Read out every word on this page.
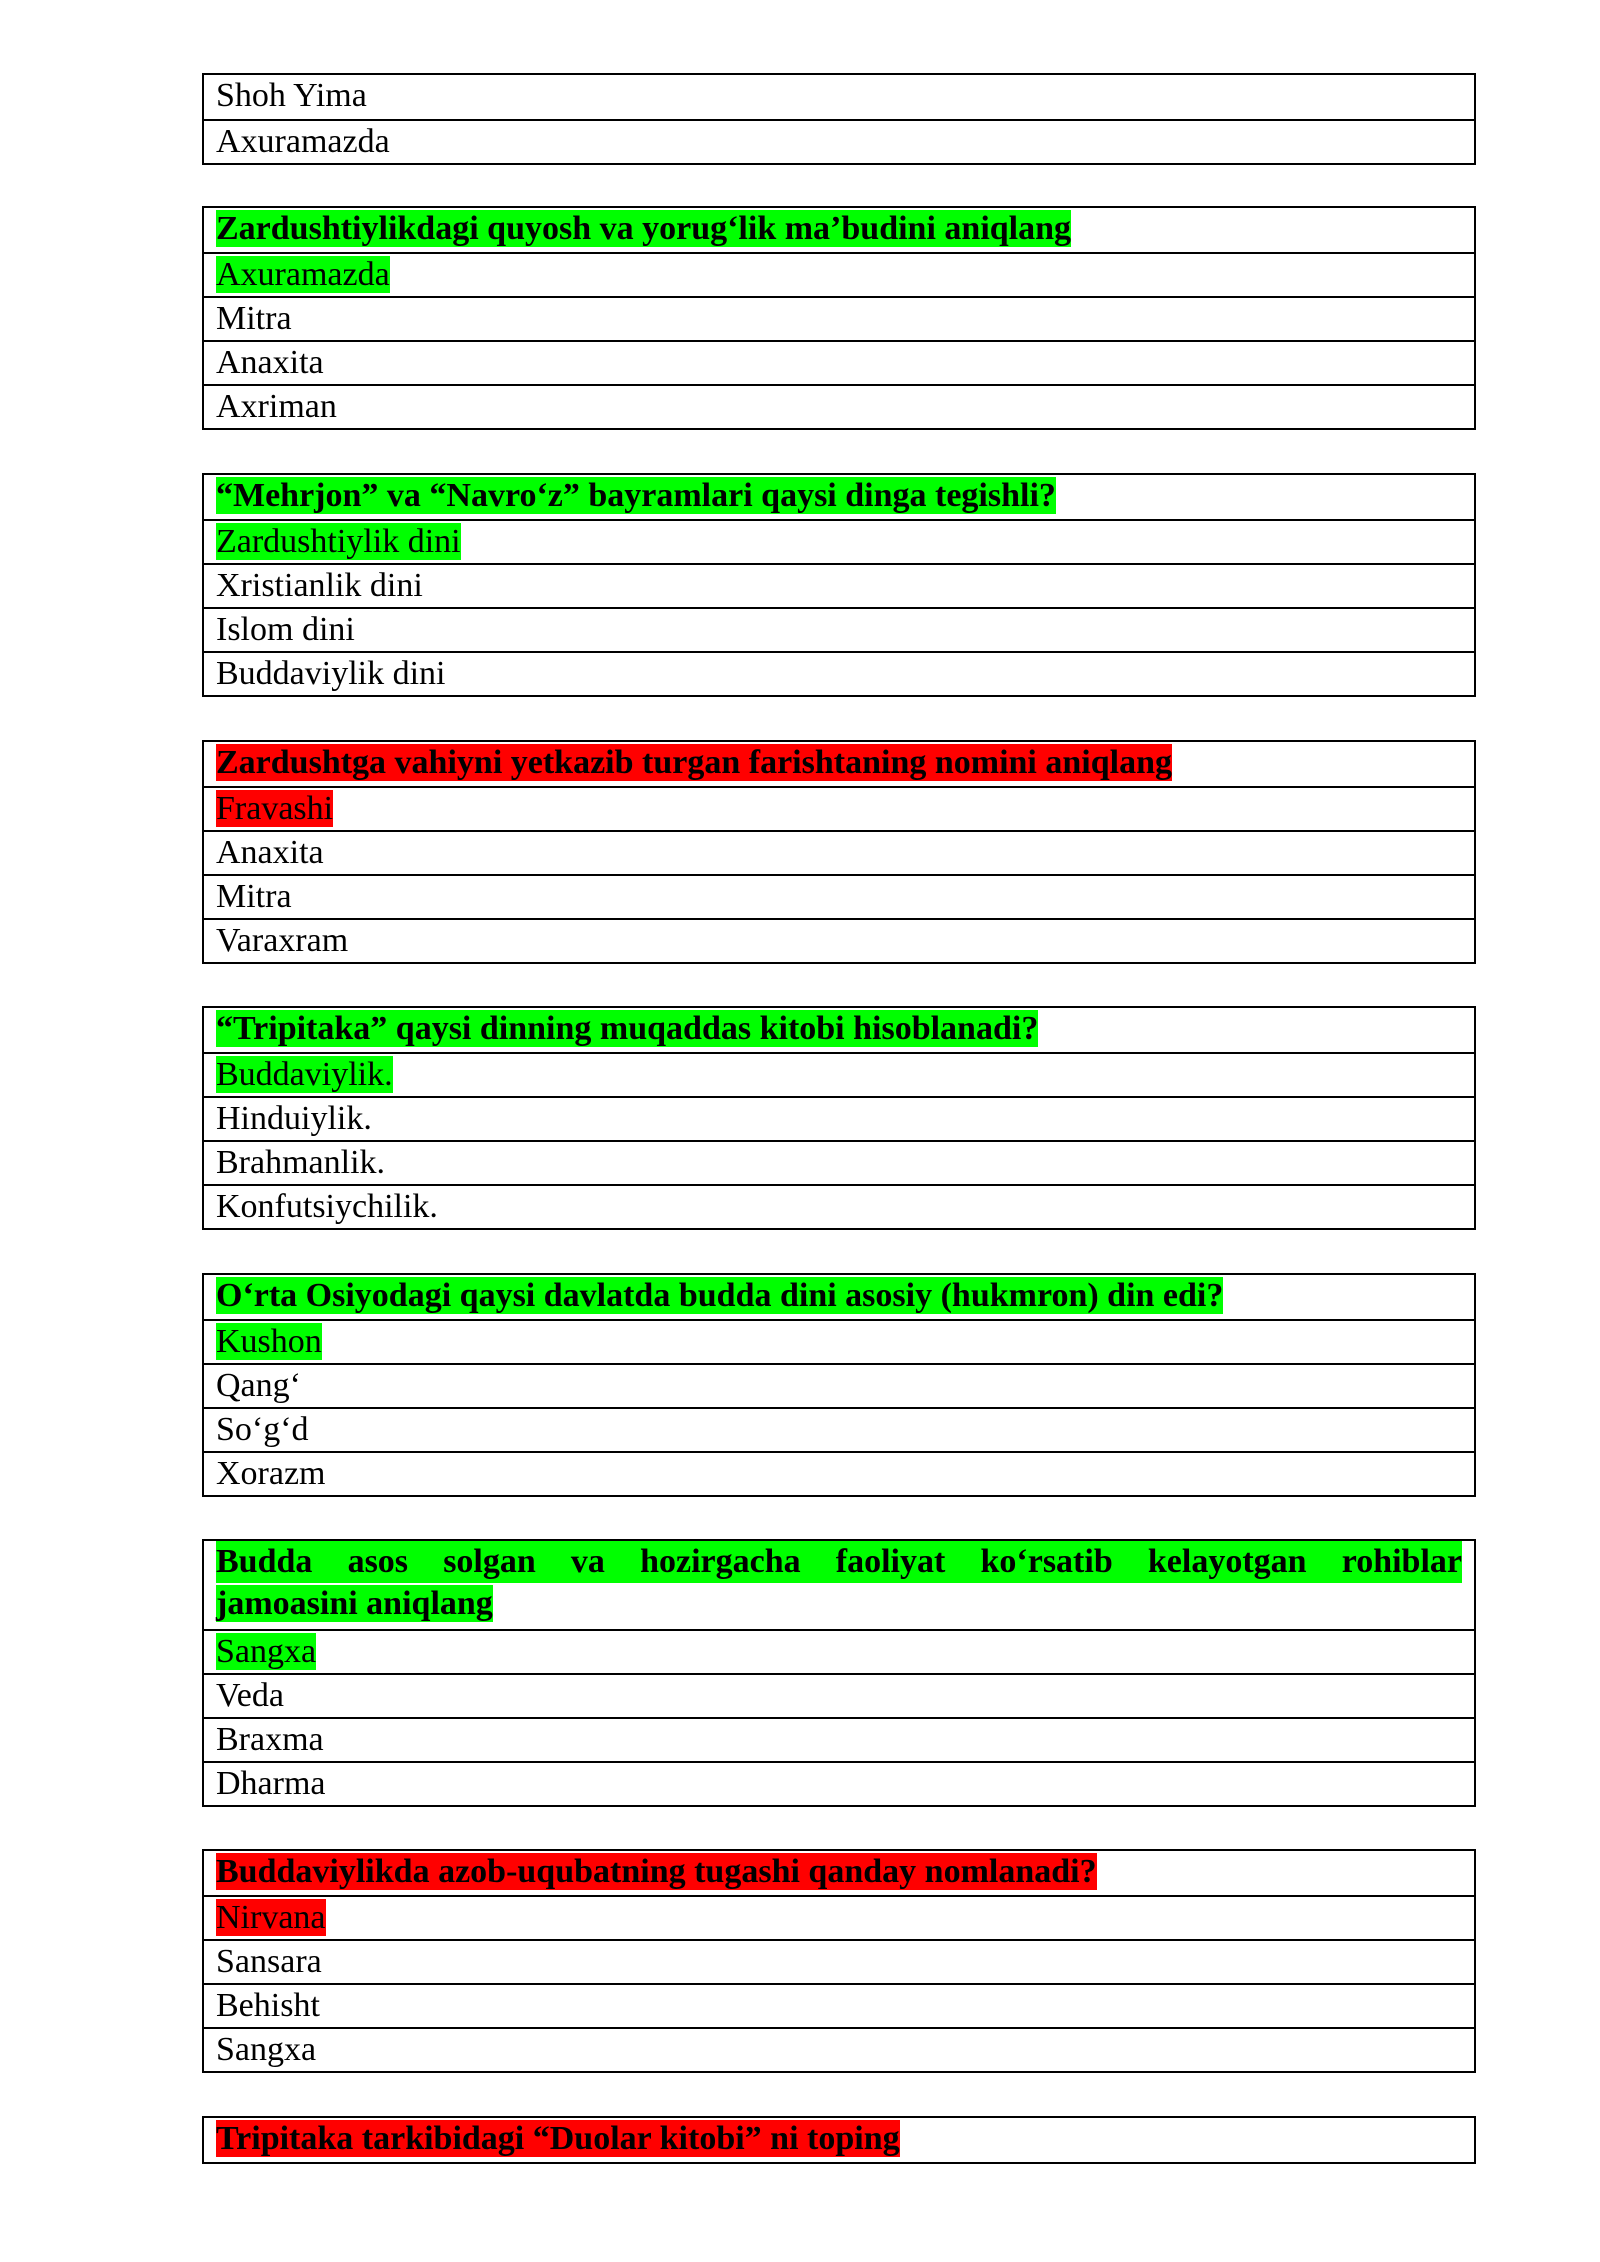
Shoh Yima
Axuramazda
Zardushtiylikdagi quyosh va yorug‘lik ma’budini aniqlang
Axuramazda
Mitra
Anaxita
Axriman
“Mehrjon” va “Navro‘z” bayramlari qaysi dinga tegishli?
Zardushtiylik dini
Xristianlik dini
Islom dini
Buddaviylik dini
Zardushtga vahiyni yetkazib turgan farishtaning nomini aniqlang
Fravashi
Anaxita
Mitra
Varaxram
“Tripitaka” qaysi dinning muqaddas kitobi hisoblanadi?
Buddaviylik.
Hinduiylik.
Brahmanlik.
Konfutsiychilik.
O‘rta Osiyodagi qaysi davlatda budda dini asosiy (hukmron) din edi?
Kushon
Qang‘
So‘g‘d
Xorazm
Budda asos solgan va hozirgacha faoliyat ko‘rsatib kelayotgan rohiblar
jamoasini aniqlang
Sangxa
Veda
Braxma
Dharma
Buddaviylikda azob-uqubatning tugashi qanday nomlanadi?
Nirvana
Sansara
Behisht
Sangxa
Tripitaka tarkibidagi “Duolar kitobi” ni toping
